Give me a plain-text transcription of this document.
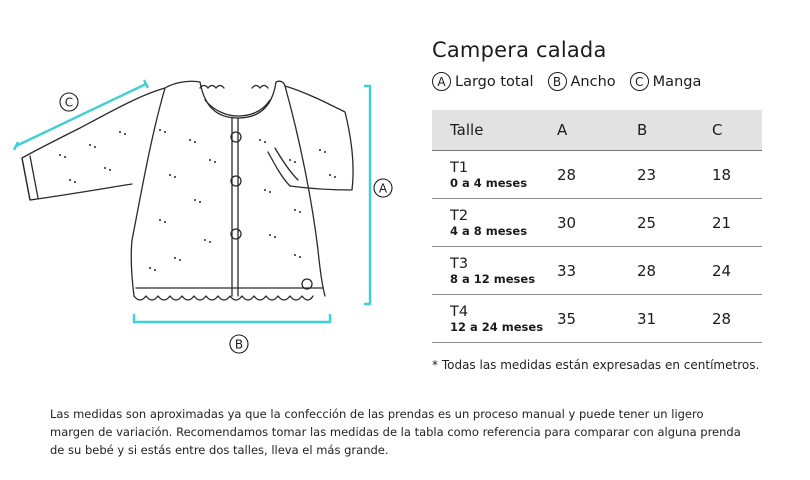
C
A
B
Campera calada
A Largo total	B Ancho	C Manga
Talle	A	B	C
T1
0 a 4 meses	28	23	18
T2
4 a 8 meses	30	25	21
T3
8 a 12 meses	33	28	24
T4
12 a 24 meses 35	31	28
* Todas las medidas están expresadas en centímetros.
Las medidas son aproximadas ya que la confección de las prendas es un proceso manual y puede tener un ligero margen de variación. Recomendamos tomar las medidas de la tabla como referencia para comparar con alguna prenda de su bebé y si estás entre dos talles, lleva el más grande.
